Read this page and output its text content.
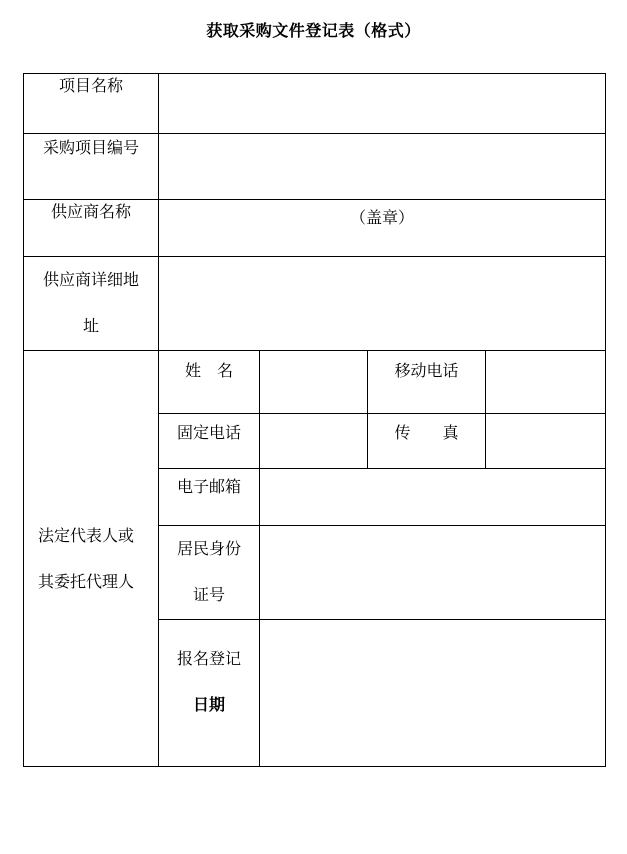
获取采购文件登记表（格式）
项目名称				

采购项目编号				

供应商名称	（盖章）			

供应商详细地
址				

法定代表人或
其委托代理人	姓　名		移动电话	

	固定电话		传　　真	

	电子邮箱			

	居民身份
证号			

	报名登记
日期			
